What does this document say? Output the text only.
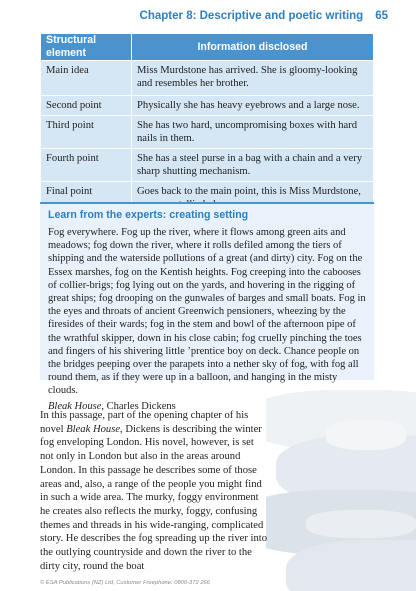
Chapter 8: Descriptive and poetic writing 65
Structural element	Information disclosed
Main idea	Miss Murdstone has arrived. She is gloomy-looking and resembles her brother.
Second point	Physically she has heavy eyebrows and a large nose.
Third point	She has two hard, uncompromising boxes with hard nails in them.
Fourth point	She has a steel purse in a bag with a chain and a very sharp shutting mechanism.
Final point	Goes back to the main point, this is Miss Murdstone,
Learn from the experts: creating setting

Fog everywhere. Fog up the river, where it flows among green aits and meadows; fog down the river, where it rolls defiled among the tiers of shipping and the waterside pollutions of a great (and dirty) city. Fog on the Essex marshes, fog on the Kentish heights. Fog creeping into the cabooses of collier-brigs; fog lying out on the yards, and hovering in the rigging of great ships; fog drooping on the gunwales of barges and small boats. Fog in the eyes and throats of ancient Greenwich pensioners, wheezing by the firesides of their wards; fog in the stem and bowl of the afternoon pipe of the wrathful skipper, down in his close cabin; fog cruelly pinching the toes and fingers of his shivering little ’prentice boy on deck. Chance people on the bridges peeping over the parapets into a nether sky of fog, with fog all round them, as if they were up in a balloon, and hanging in the misty clouds.

Bleak House, Charles Dickens

In this passage, part of the opening chapter of his novel Bleak House, Dickens is describing the winter fog enveloping London. His novel, however, is set not only in London but also in the areas around London. In this passage he describes some of those areas and, also, a range of the people you might find in such a wide area. The murky, foggy environment he creates also reflects the murky, foggy, confusing themes and threads in his wide-ranging, complicated story. He describes the fog spreading up the river into the outlying countryside and down the river to the dirty city, round the boat

© ESA Publications (NZ) Ltd, Customer Freephone: 0800-372 266
